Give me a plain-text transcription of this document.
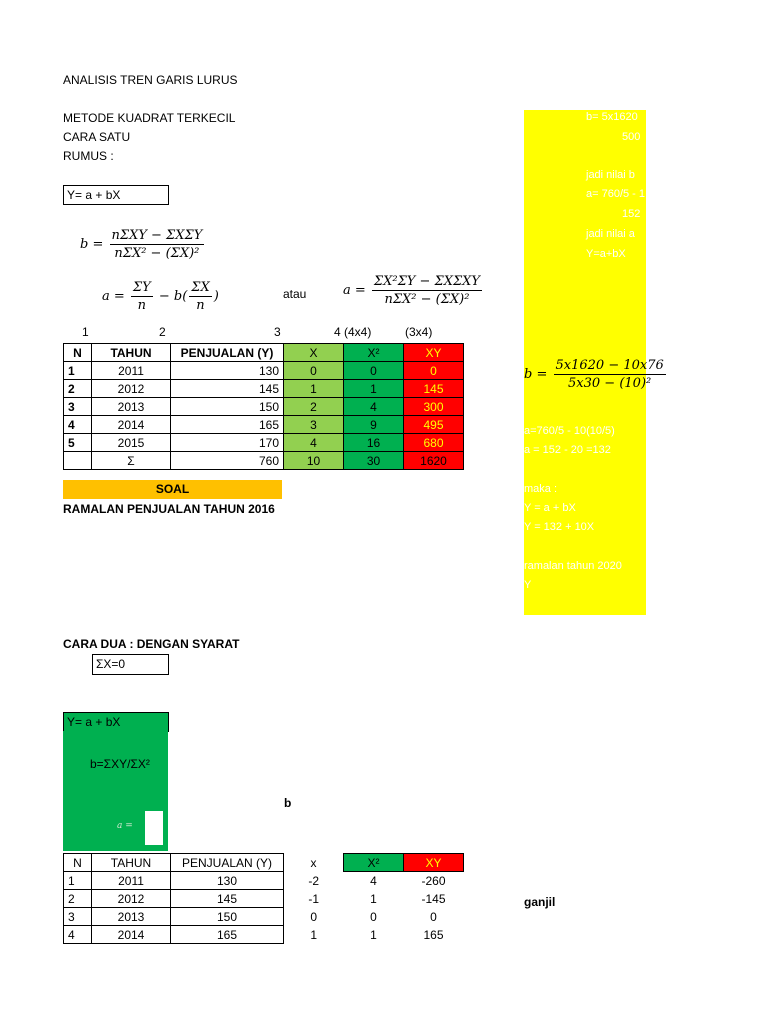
ANALISIS TREN GARIS LURUS
METODE KUADRAT TERKECIL
CARA SATU
RUMUS :
Y= a + bX
$b = \frac{\text{nΣXY − ΣXΣY}}{\text{nΣX² − (ΣX)²}}$
$a = \frac{\Sigma Y}{n} - b( \frac{\Sigma X}{n}$ )	atau	$a = \frac{\text{ΣX²ΣY − ΣXΣXY}}{\text{nΣX² − (ΣX)²}}$
1	2	3	4 (4x4)	(3x4)
N	TAHUN	PENJUALAN (Y)	X	X²	XY
1	2011	130	0	0	0
2	2012	145	1	1	145
3	2013	150	2	4	300
4	2014	165	3	9	495
5	2015	170	4	16	680
	Σ	760	10	30	1620
SOAL
RAMALAN PENJUALAN TAHUN 2016
b= 5x1620
500
jadi nilai b
a= 760/5 - 1
152
jadi nilai a
Y=a+bX
$b = \frac{5x1620 - 10x76}{\text{5x30 − (10)²}}$
a=760/5 - 10(10/5)
a = 152 - 20 =132
maka :
Y = a + bX
Y = 132 + 10X
ramalan tahun 2020
Y
CARA DUA : DENGAN SYARAT
ΣX=0
Y= a + bX
b=ΣXY/ΣX²
a =
b
N	TAHUN	PENJUALAN (Y)	x	X²	XY
1	2011	130	-2	4	-260
2	2012	145	-1	1	-145
3	2013	150	0	0	0
4	2014	165	1	1	165
ganjil
